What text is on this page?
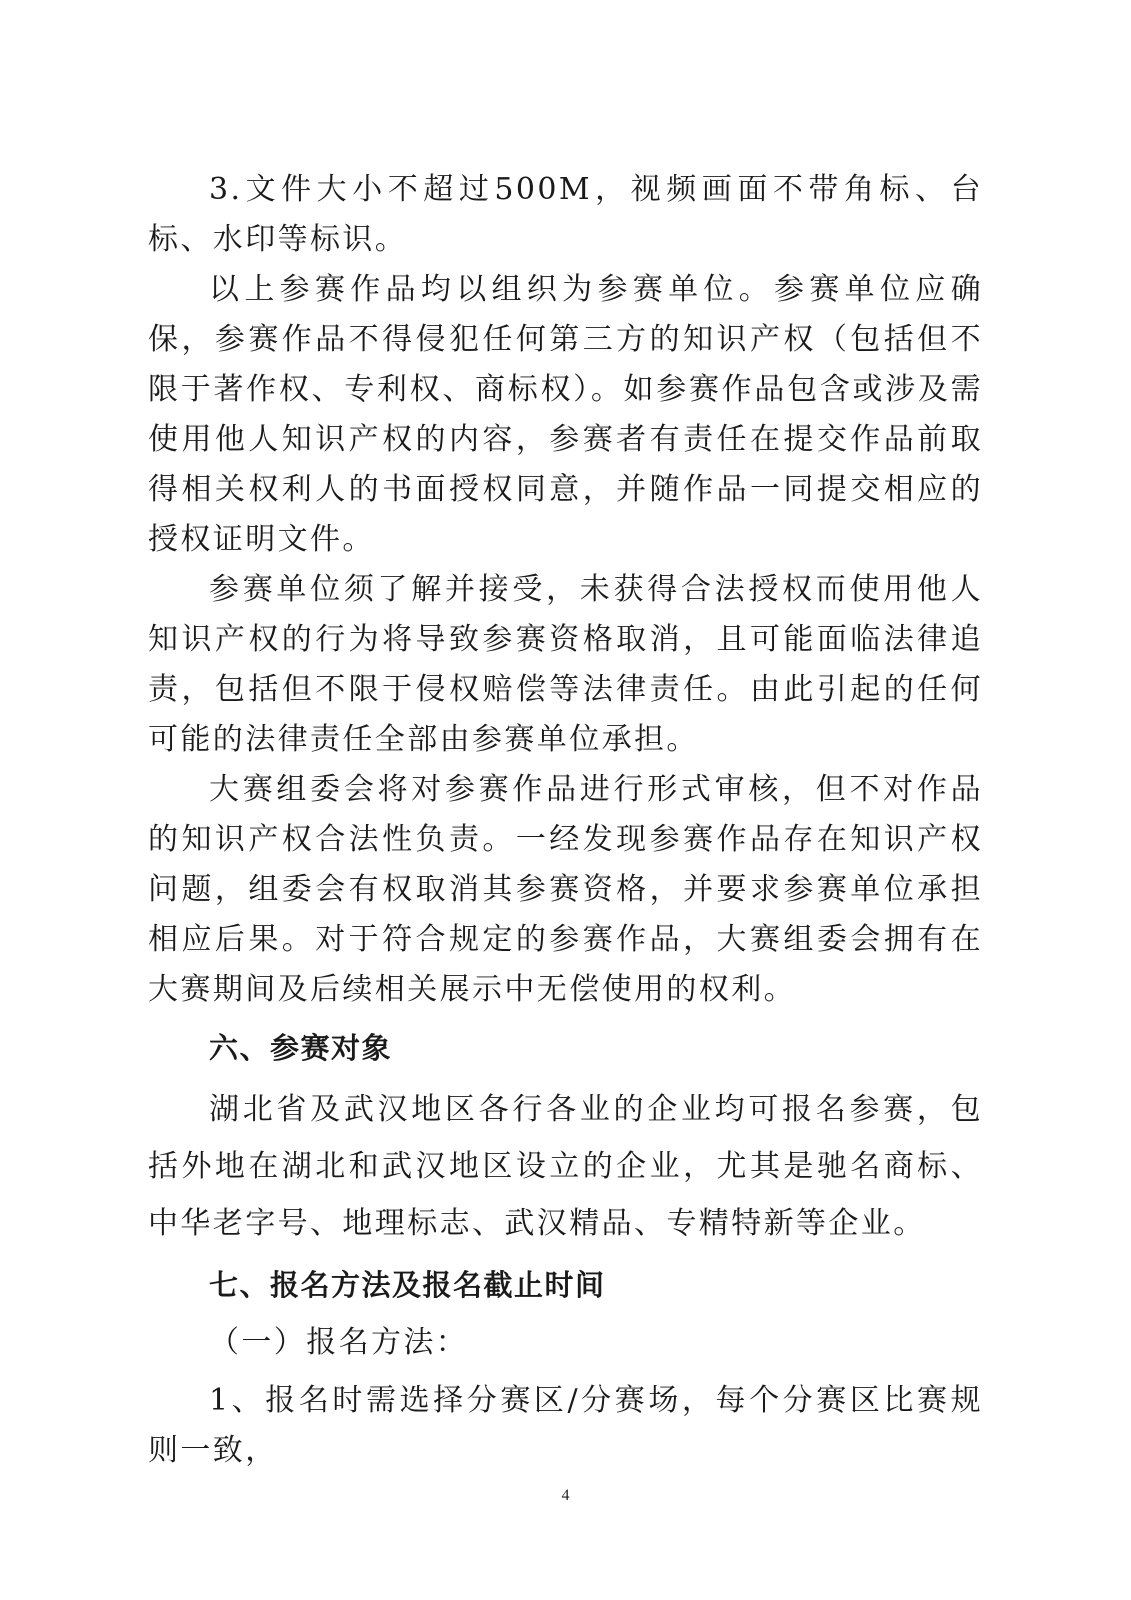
3.文件大小不超过500M，视频画面不带角标、台标、水印等标识。

以上参赛作品均以组织为参赛单位。参赛单位应确保，参赛作品不得侵犯任何第三方的知识产权（包括但不限于著作权、专利权、商标权）。如参赛作品包含或涉及需使用他人知识产权的内容，参赛者有责任在提交作品前取得相关权利人的书面授权同意，并随作品一同提交相应的授权证明文件。

参赛单位须了解并接受，未获得合法授权而使用他人知识产权的行为将导致参赛资格取消，且可能面临法律追责，包括但不限于侵权赔偿等法律责任。由此引起的任何可能的法律责任全部由参赛单位承担。

大赛组委会将对参赛作品进行形式审核，但不对作品的知识产权合法性负责。一经发现参赛作品存在知识产权问题，组委会有权取消其参赛资格，并要求参赛单位承担相应后果。对于符合规定的参赛作品，大赛组委会拥有在大赛期间及后续相关展示中无偿使用的权利。

六、参赛对象

湖北省及武汉地区各行各业的企业均可报名参赛，包括外地在湖北和武汉地区设立的企业，尤其是驰名商标、中华老字号、地理标志、武汉精品、专精特新等企业。

七、报名方法及报名截止时间

（一）报名方法：

1、报名时需选择分赛区/分赛场，每个分赛区比赛规则一致，

4
